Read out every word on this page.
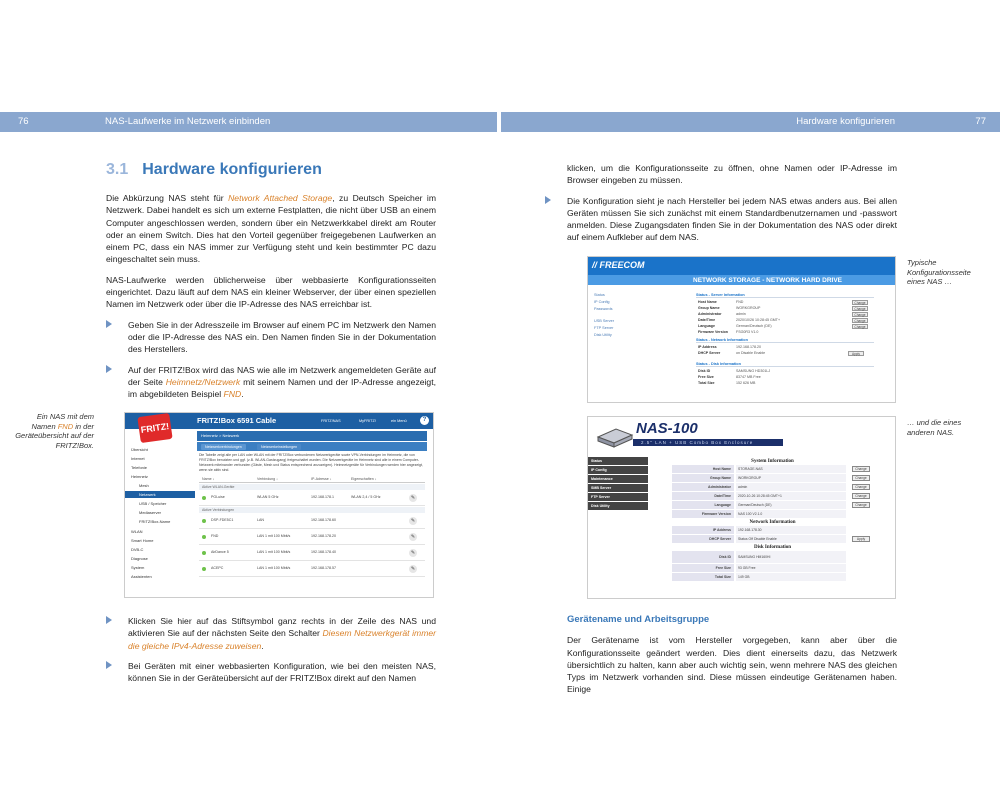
76	NAS-Laufwerke im Netzwerk einbinden	Hardware konfigurieren	77
3.1 Hardware konfigurieren

Die Abkürzung NAS steht für Network Attached Storage, zu Deutsch Speicher im Netzwerk. Dabei handelt es sich um externe Festplatten, die nicht über USB an einem Computer angeschlossen werden, sondern über ein Netzwerkkabel direkt am Router oder an einem Switch. Dies hat den Vorteil gegenüber freigegebenen Laufwerken an einem PC, dass ein NAS immer zur Verfügung steht und kein bestimmter PC dazu eingeschaltet sein muss.

NAS-Laufwerke werden üblicherweise über webbasierte Konfigurationsseiten eingerichtet. Dazu läuft auf dem NAS ein kleiner Webserver, der über einen speziellen Namen im Netzwerk oder über die IP-Adresse des NAS erreichbar ist.

Geben Sie in der Adresszeile im Browser auf einem PC im Netzwerk den Namen oder die IP-Adresse des NAS ein. Den Namen finden Sie in der Dokumentation des Herstellers.
Auf der FRITZ!Box wird das NAS wie alle im Netzwerk angemeldeten Geräte auf der Seite Heimnetz/Netzwerk mit seinem Namen und der IP-Adresse angezeigt, im abgebildeten Beispiel FND.
Ein NAS mit dem Namen FND in der Geräteübersicht auf der FRITZ!Box.
FRITZ!
FRITZ!Box 6591 Cable	FRITZ!NAS	MyFRITZ!	ein Menü	?
Heimnetz > Netzwerk
Netzwerkverbindungen	Netzwerkeinstellungen
Übersicht
Internet
Telefonie
Heimnetz
Mesh
Netzwerk
USB / Speicher
Mediaserver
FRITZ!Box-Name
WLAN
Smart Home
DVB-C
Diagnose
System
Assistenten
Die Tabelle zeigt alle per LAN oder WLAN mit der FRITZ!Box verbundenen Netzwerkgeräte sowie VPN-Verbindungen im Heimnetz, die von FRITZ!Box benutzten und ggf. (z.B. WLAN-Gastzugang) freigeschaltet wurden. Die Netzwerkgeräte im Heimnetz sind alle in einem Computer-Netzwerk miteinander verbunden (Gäste, Mesh und Status entsprechend anzuzeigen). Heimnetzgeräte für Verbindungen werden hier angezeigt, wenn sie aktiv sind.
Name ↓	Verbindung ↓	IP-Adresse ↓	Eigenschaften ↓
Aktive WLAN-Geräte
PGLuise	WLAN 5 GHz	192.168.178.1	WLAN 2,4 / 5 GHz	✎
Aktive Verbindungen
DSP-FDE5C1	LAN	192.168.178.60	✎
FND	LAN 1 mit 100 Mbit/s	192.168.178.20	✎
AirDance 5	LAN 1 mit 100 Mbit/s	192.168.178.40	✎
ACEPC	LAN 1 mit 100 Mbit/s	192.168.178.57	✎
Klicken Sie hier auf das Stiftsymbol ganz rechts in der Zeile des NAS und aktivieren Sie auf der nächsten Seite den Schalter Diesem Netzwerkgerät immer die gleiche IPv4-Adresse zuweisen.
Bei Geräten mit einer webbasierten Konfiguration, wie bei den meisten NAS, können Sie in der Geräteübersicht auf der FRITZ!Box direkt auf den Namen

klicken, um die Konfigurationsseite zu öffnen, ohne Namen oder IP-Adresse im Browser eingeben zu müssen.

Die Konfiguration sieht je nach Hersteller bei jedem NAS etwas anders aus. Bei allen Geräten müssen Sie sich zunächst mit einem Standardbenutzernamen und -passwort anmelden. Diese Zugangsdaten finden Sie in der Dokumentation des NAS oder direkt auf einem Aufkleber auf dem NAS.
Typische Konfigurationsseite eines NAS …
… und die eines anderen NAS.
// FREECOM
NETWORK STORAGE - NETWORK HARD DRIVE
Status
IP Config
Passwords
USB Server
FTP Server
Disk Utility
Status - Server Information
Host Name	FND	Change
Group Name	WORKGROUP	Change
Administrator	admin	Change
Date/Time	2020/10/26 10:28:45 GMT+	Change
Language	German/Deutsch (DE)	Change
Firmware Version FSG0R3 V1.0
Status - Network Information
IP Address	192.168.178.20
DHCP Server	on Disable Enable	Apply
Status - Disk Information
Disk ID	SAMSUNG HD301LJ
Free Size	83747 MB Free
Total Size	152 626 MB
NAS-100
2.5" LAN + USB Combo Box Enclosure
Status
IP Config
Maintenance
SMB Server
FTP Server
Disk Utility
System Information
Host Name	STORAGE-NAS	Change
Group Name	WORKGROUP	Change
Administrator	admin	Change
Date/Time	2020-10-26 10:28:45 GMT+1	Change
Language	German/Deutsch (DE)	Change
Firmware Version	NAS 100 V2.1.0
Network Information
IP Address	192.168.178.30
DHCP Server	Status Off Disable Enable	Apply
Disk Information
Disk ID	SAMSUNG HM160HI
Free Size	93 GB Free
Total Size	149 GB
Gerätename und Arbeitsgruppe

Der Gerätename ist vom Hersteller vorgegeben, kann aber über die Konfigurationsseite geändert werden. Dies dient einerseits dazu, das Netzwerk übersichtlich zu halten, kann aber auch wichtig sein, wenn mehrere NAS des gleichen Typs im Netzwerk vorhanden sind. Diese müssen eindeutige Gerätenamen haben. Einige
